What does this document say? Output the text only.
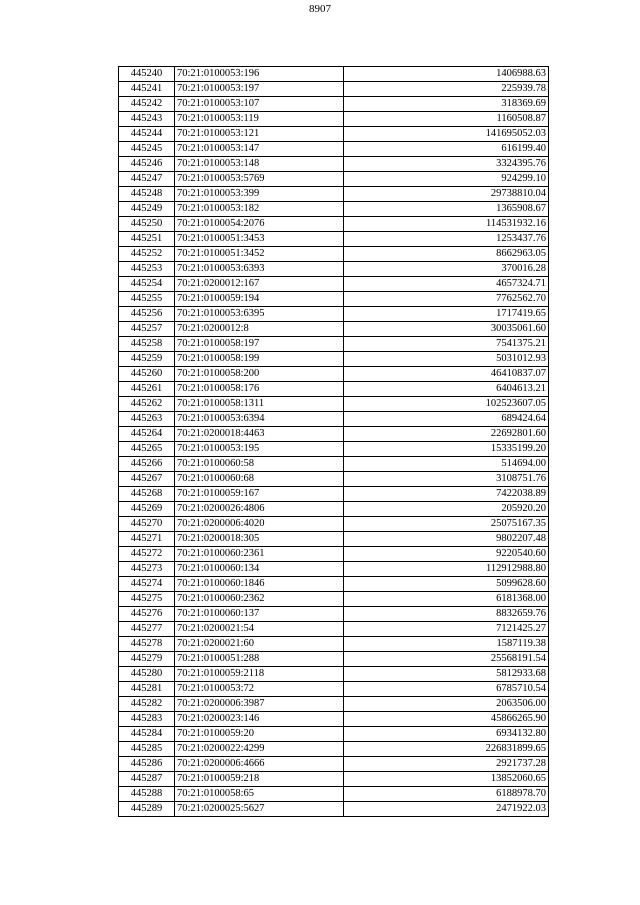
8907
445240	70:21:0100053:196	1406988.63
445241	70:21:0100053:197	225939.78
445242	70:21:0100053:107	318369.69
445243	70:21:0100053:119	1160508.87
445244	70:21:0100053:121	141695052.03
445245	70:21:0100053:147	616199.40
445246	70:21:0100053:148	3324395.76
445247	70:21:0100053:5769	924299.10
445248	70:21:0100053:399	29738810.04
445249	70:21:0100053:182	1365908.67
445250	70:21:0100054:2076	114531932.16
445251	70:21:0100051:3453	1253437.76
445252	70:21:0100051:3452	8662963.05
445253	70:21:0100053:6393	370016.28
445254	70:21:0200012:167	4657324.71
445255	70:21:0100059:194	7762562.70
445256	70:21:0100053:6395	1717419.65
445257	70:21:0200012:8	30035061.60
445258	70:21:0100058:197	7541375.21
445259	70:21:0100058:199	5031012.93
445260	70:21:0100058:200	46410837.07
445261	70:21:0100058:176	6404613.21
445262	70:21:0100058:1311	102523607.05
445263	70:21:0100053:6394	689424.64
445264	70:21:0200018:4463	22692801.60
445265	70:21:0100053:195	15335199.20
445266	70:21:0100060:58	514694.00
445267	70:21:0100060:68	3108751.76
445268	70:21:0100059:167	7422038.89
445269	70:21:0200026:4806	205920.20
445270	70:21:0200006:4020	25075167.35
445271	70:21:0200018:305	9802207.48
445272	70:21:0100060:2361	9220540.60
445273	70:21:0100060:134	112912988.80
445274	70:21:0100060:1846	5099628.60
445275	70:21:0100060:2362	6181368.00
445276	70:21:0100060:137	8832659.76
445277	70:21:0200021:54	7121425.27
445278	70:21:0200021:60	1587119.38
445279	70:21:0100051:288	25568191.54
445280	70:21:0100059:2118	5812933.68
445281	70:21:0100053:72	6785710.54
445282	70:21:0200006:3987	2063506.00
445283	70:21:0200023:146	45866265.90
445284	70:21:0100059:20	6934132.80
445285	70:21:0200022:4299	226831899.65
445286	70:21:0200006:4666	2921737.28
445287	70:21:0100059:218	13852060.65
445288	70:21:0100058:65	6188978.70
445289	70:21:0200025:5627	2471922.03
